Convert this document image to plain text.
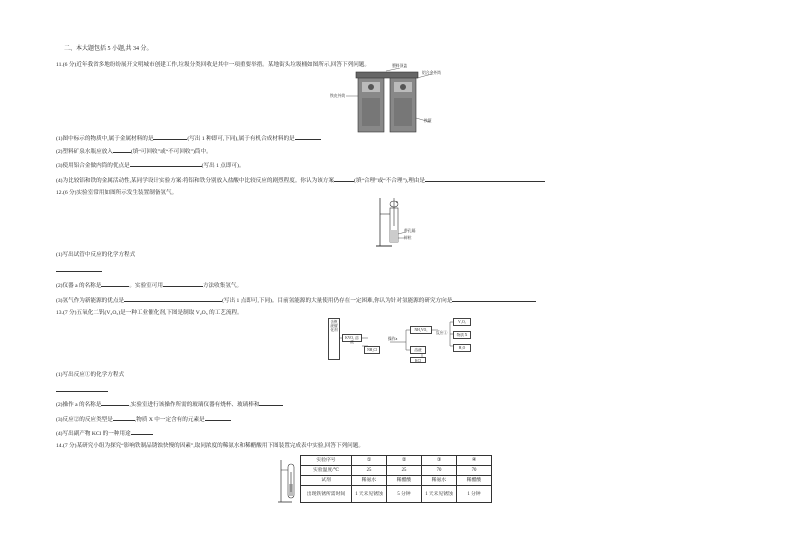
二、本大题包括 5 小题,共 34 分。
11.(6 分)近年我省多地纷纷展开文明城市创建工作,垃圾分类回收是其中一项重要举措。某地街头垃圾桶如图所示,回答下列问题。	塑料顶盖
铝合金外筒
铁皮外筒
铁箍
(1)图中标示的物质中,属于金属材料的是	(写出 1 种即可,下同),属于有机合成材料的是
(2)塑料矿泉水瓶应放入	(填“可回收”或“不可回收”)筒中。
(3)使用铝合金做内筒的优点是	(写出 1 点即可)。
(4)为比较铝和铁的金属活动性,某同学设计实验方案:将铝和铁分别放入盐酸中比较反应的剧烈程度。你认为该方案	(填“合理”或“不合理”),理由是
12.(6 分)实验室常用如图所示发生装置制备氢气。
a
带孔隔
锌粒
(1)写出试管中反应的化学方程式
(2)仪器 a 的名称是	。实验室可用	方法收集氢气。
(3)氢气作为新能源的优点是	(写出 1 点即可,下同)。目前氢能源的大量使用仍存在一定困难,你认为针对氢能源的研究方向是
13.(7 分)五氧化二钒(V₂O₅)是一种工业催化剂,下图是制取 V₂O₅ 的工艺流程。
含钒废催化剂
KVO₃ 溶液
NH₄Cl
操作a
NH₄VO₃
溶液
反应①
KCl
V₂O₅
物质 X
H₂O
(1)写出反应①的化学方程式
(2)操作 a 的名称是	,实验室进行该操作所需的玻璃仪器有烧杯、玻璃棒和
(3)反应②的反应类型是	,物质 X 中一定含有的元素是
(4)写出副产物 KCl 的一种用途
14.(7 分)某研究小组为探究“影响铁制品锈蚀快慢的因素”,取同浓度的稀氨水和稀醋酸用下图装置完成表中实验,回答下列问题。
实验序号	①	②	③	④
实验温度/℃	25	25	70	70
试剂	稀氨水	稀醋酸	稀氨水	稀醋酸
出现铁锈所需时间	1 天未见锈蚀	5 分钟	1 天未见锈蚀	1 分钟
